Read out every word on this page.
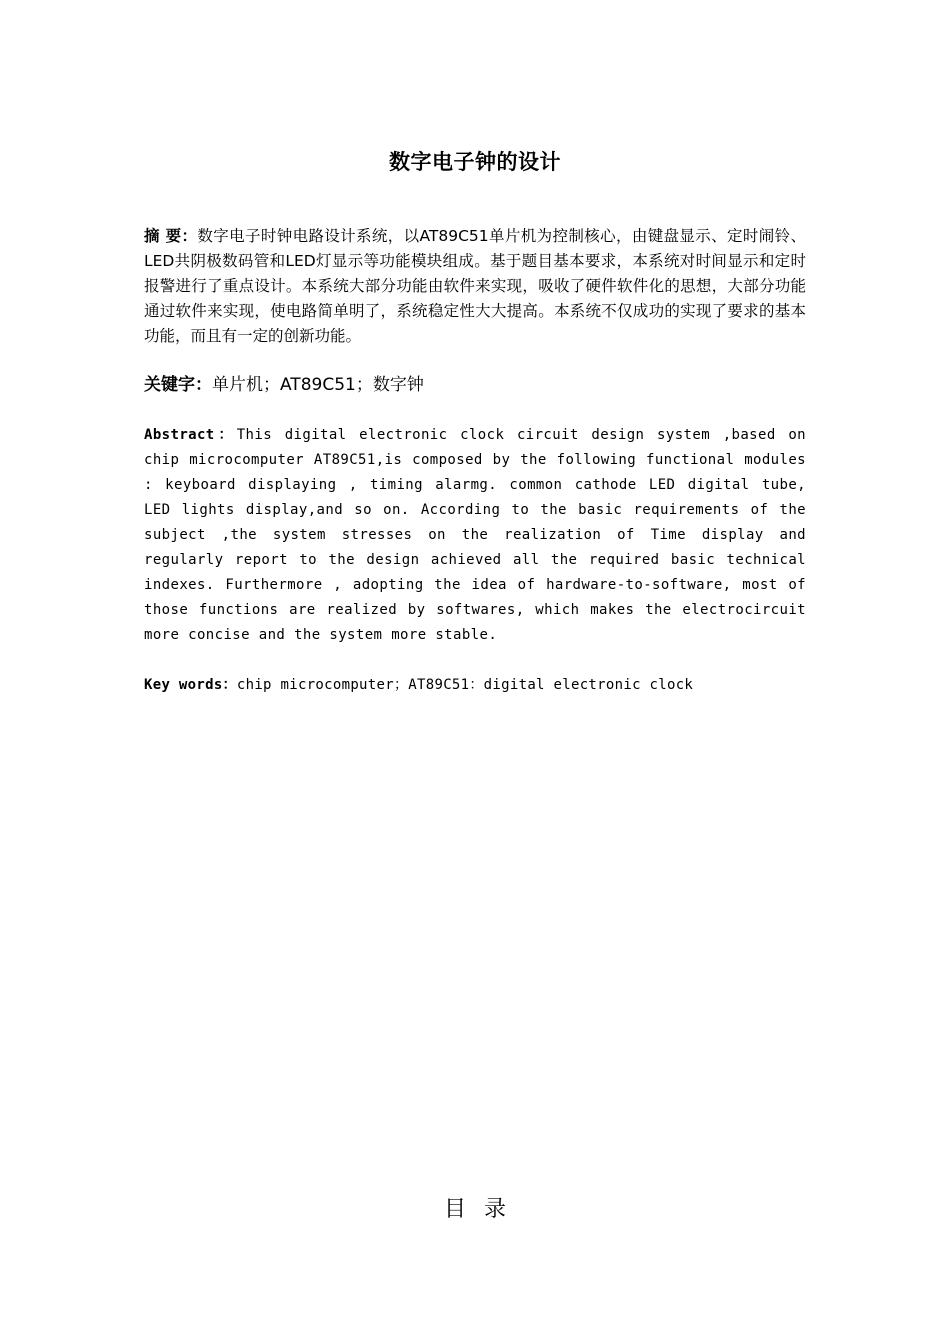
数字电子钟的设计
摘 要：数字电子时钟电路设计系统，以AT89C51单片机为控制核心，由键盘显示、定时闹铃、LED共阴极数码管和LED灯显示等功能模块组成。基于题目基本要求，本系统对时间显示和定时报警进行了重点设计。本系统大部分功能由软件来实现，吸收了硬件软件化的思想，大部分功能通过软件来实现，使电路简单明了，系统稳定性大大提高。本系统不仅成功的实现了要求的基本功能，而且有一定的创新功能。
关键字：单片机；AT89C51；数字钟
Abstract：This digital electronic clock circuit design system ,based on chip microcomputer AT89C51,is composed by the following functional modules : keyboard displaying , timing alarmg. common cathode LED digital tube, LED lights display,and so on. According to the basic requirements of the subject ,the system stresses on the realization of Time display and regularly report to the design achieved all the required basic technical indexes. Furthermore , adopting the idea of hardware-to-software, most of those functions are realized by softwares, which makes the electrocircuit more concise and the system more stable.
Key words：chip microcomputer；AT89C51：digital electronic clock
目录
